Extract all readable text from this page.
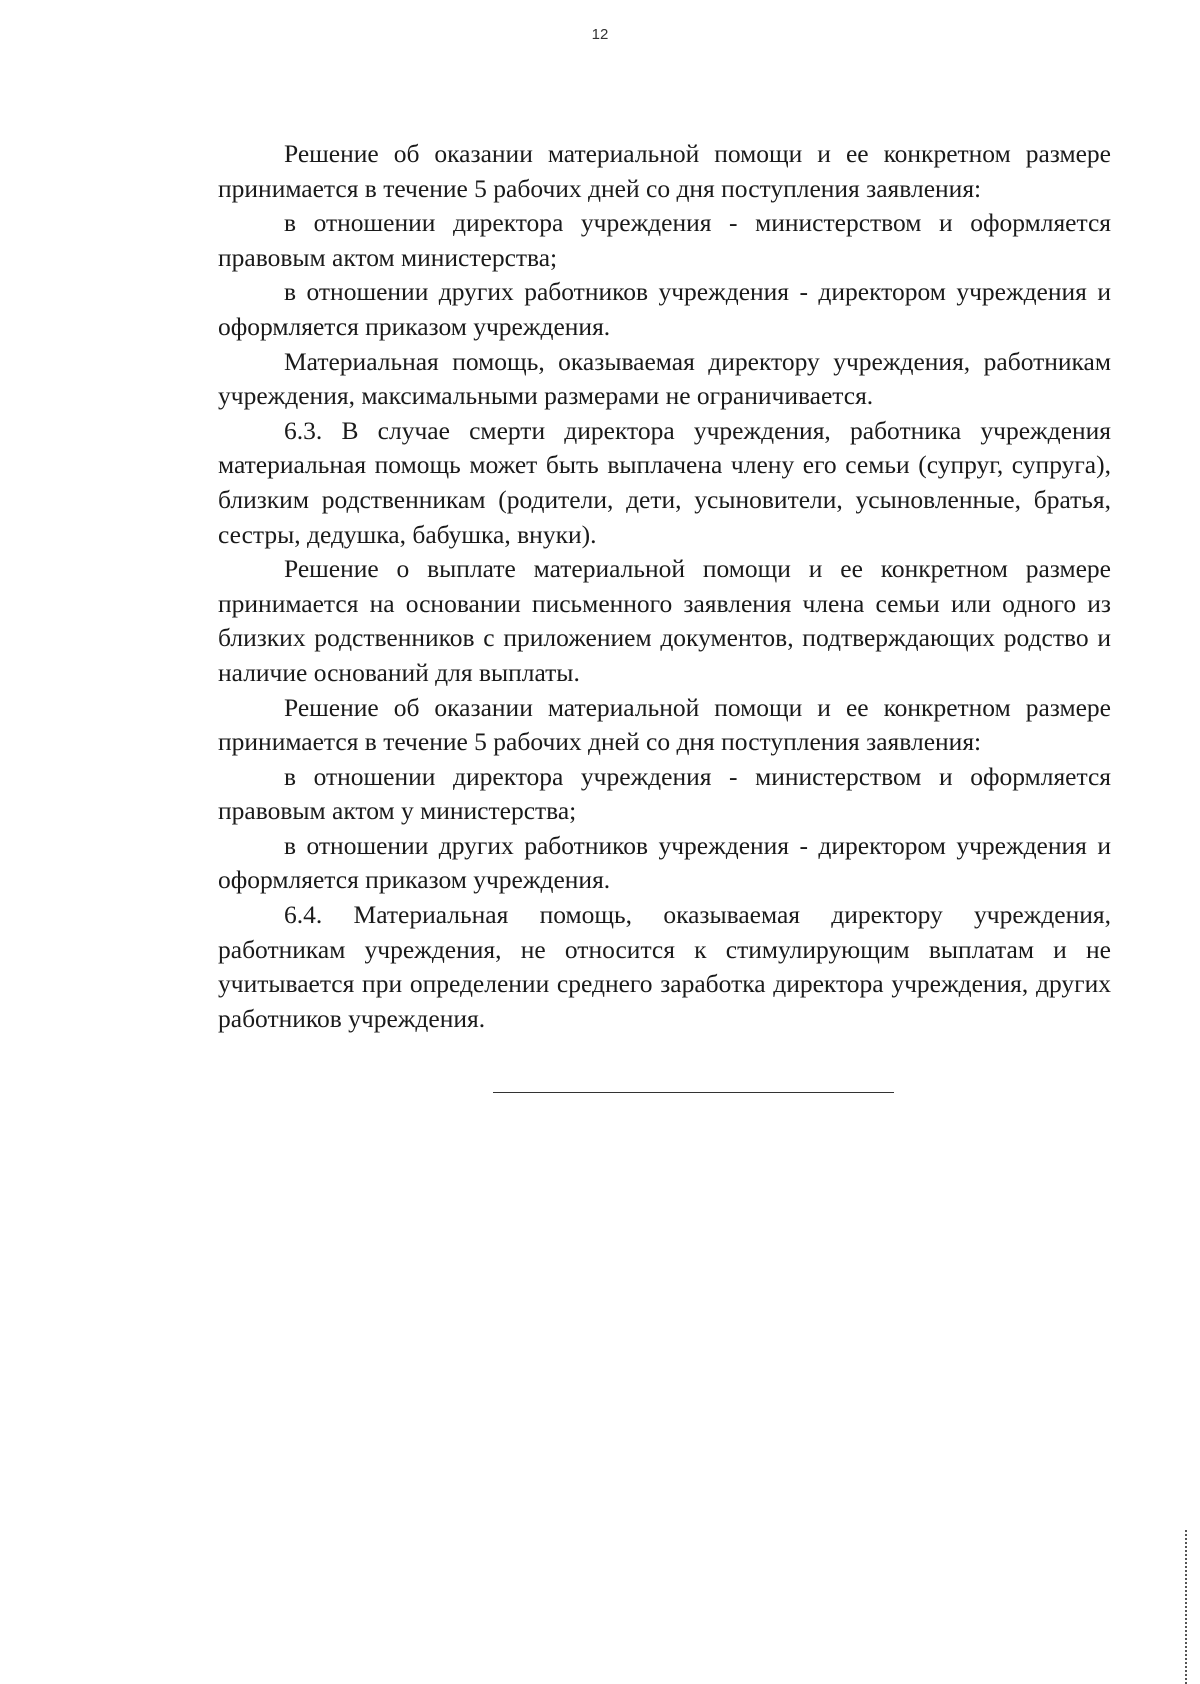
12

Решение об оказании материальной помощи и ее конкретном размере принимается в течение 5 рабочих дней со дня поступления заявления:

в отношении директора учреждения - министерством и оформляется правовым актом министерства;

в отношении других работников учреждения - директором учреждения и оформляется приказом учреждения.

Материальная помощь, оказываемая директору учреждения, работникам учреждения, максимальными размерами не ограничивается.

6.3. В случае смерти директора учреждения, работника учреждения материальная помощь может быть выплачена члену его семьи (супруг, супруга), близким родственникам (родители, дети, усыновители, усыновленные, братья, сестры, дедушка, бабушка, внуки).

Решение о выплате материальной помощи и ее конкретном размере принимается на основании письменного заявления члена семьи или одного из близких родственников с приложением документов, подтверждающих родство и наличие оснований для выплаты.

Решение об оказании материальной помощи и ее конкретном размере принимается в течение 5 рабочих дней со дня поступления заявления:

в отношении директора учреждения - министерством и оформляется правовым актом у министерства;

в отношении других работников учреждения - директором учреждения и оформляется приказом учреждения.

6.4. Материальная помощь, оказываемая директору учреждения, работникам учреждения, не относится к стимулирующим выплатам и не учитывается при определении среднего заработка директора учреждения, других работников учреждения.
